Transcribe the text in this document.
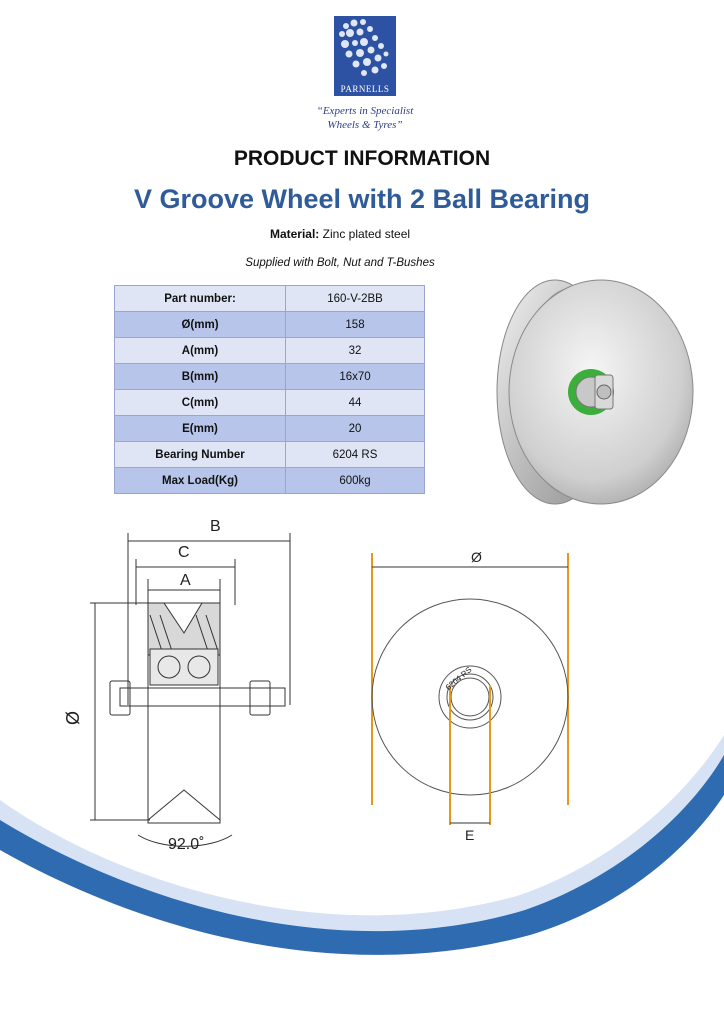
PARNELLS
“Experts in Specialist
Wheels & Tyres”
PRODUCT INFORMATION
V Groove Wheel with 2 Ball Bearing
Material: Zinc plated steel
Supplied with Bolt, Nut and T-Bushes
Part number:	160-V-2BB
Ø(mm)	158
A(mm)	32
B(mm)	16x70
C(mm)	44
E(mm)	20
Bearing Number	6204 RS
Max Load(Kg)	600kg
B
C
A
Ø
92.0˚
Ø
6204 RS
E
